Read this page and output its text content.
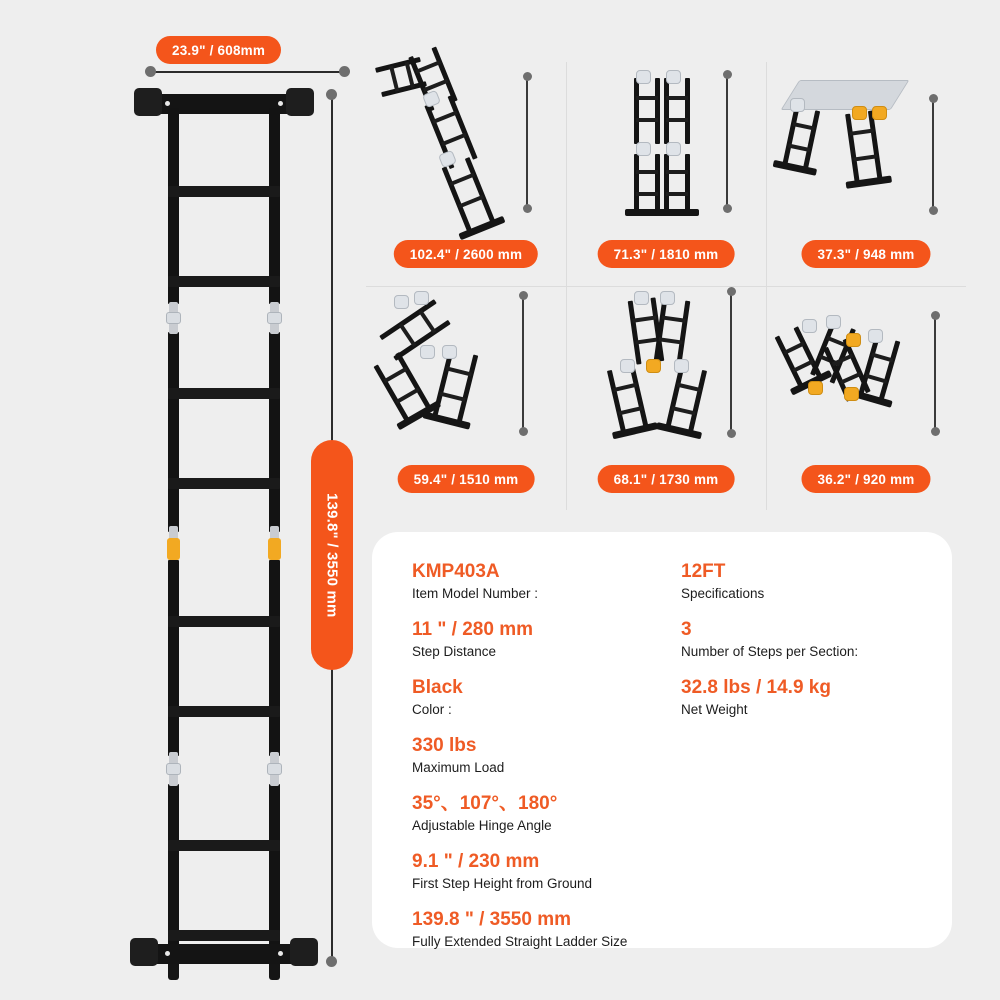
23.9" / 608mm
139.8" / 3550 mm
102.4" / 2600 mm	71.3" / 1810 mm	37.3" / 948 mm
59.4" / 1510 mm	68.1" / 1730 mm	36.2" / 920 mm
KMP403A
Item Model Number :
11 " / 280 mm
Step Distance
Black
Color :
330 lbs
Maximum Load
35°、107°、180°
Adjustable Hinge Angle
9.1 " / 230 mm
First Step Height from Ground
139.8 " / 3550 mm
Fully Extended Straight Ladder Size
12FT
Specifications
3
Number of Steps per Section:
32.8 lbs / 14.9 kg
Net Weight
